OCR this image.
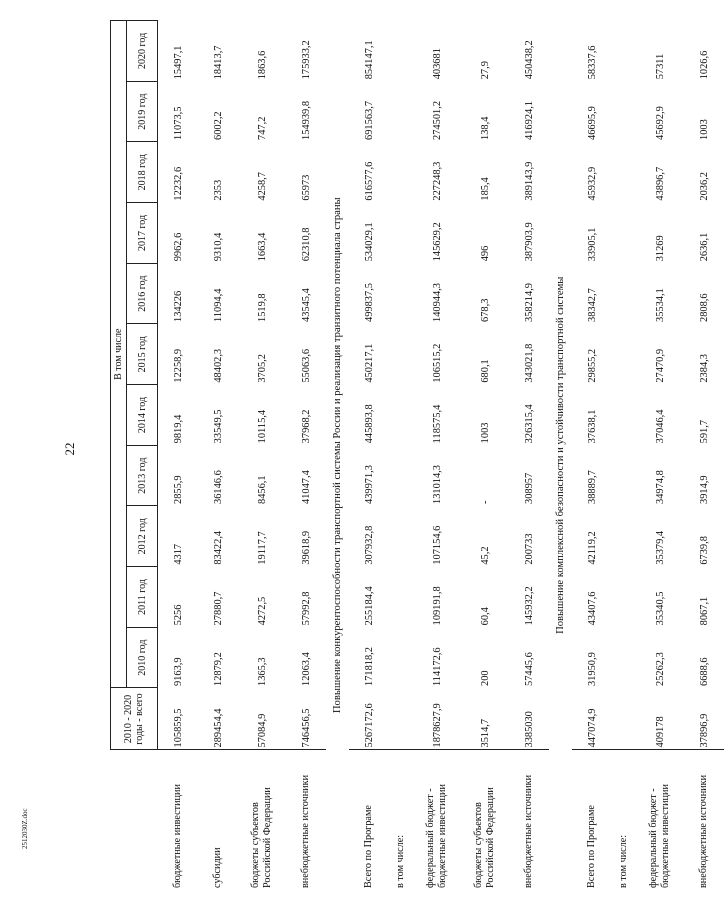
22
2512030Z.doc
	2010 - 2020 годы - всего	В том числе										
		2010 год	2011 год	2012 год	2013 год	2014 год	2015 год	2016 год	2017 год	2018 год	2019 год	2020 год
бюджетные инвестиции	105859,5	9163,9	5256	4317	2855,9	9819,4	12258,9	134226	9962,6	12232,6	11073,5	15497,1
субсидии	289454,4	12879,2	27880,7	83422,4	36146,6	33549,5	48402,3	11094,4	9310,4	2353	6002,2	18413,7
бюджеты субъектов Российской Федерации	57084,9	1365,3	4272,5	19117,7	8456,1	10115,4	3705,2	1519,8	1663,4	4258,7	747,2	1863,6
внебюджетные источники	746456,5	12063,4	57992,8	39618,9	41047,4	37968,2	55063,6	43545,4	62310,8	65973	154939,8	175933,2
Повышение конкурентоспособности транспортной системы России и реализация транзитного потенциала страны												
Всего по Програме	5267172,6	171818,2	255184,4	307932,8	439971,3	445893,8	450217,1	499837,5	534029,1	616577,6	691563,7	854147,1
в том числе:												
федеральный бюджет - бюджетные инвестиции	1878627,9	114172,6	109191,8	107154,6	131014,3	118575,4	106515,2	140944,3	145629,2	227248,3	274501,2	403681
бюджеты субъектов Российской Федерации	3514,7	200	60,4	45,2	-	1003	680,1	678,3	496	185,4	138,4	27,9
внебюджетные источники	3385030	57445,6	145932,2	200733	308957	326315,4	343021,8	358214,9	387903,9	389143,9	416924,1	450438,2
Повышение комплексной безопасности и устойчивости транспортной системы												
Всего по Програме	447074,9	31950,9	43407,6	42119,2	38889,7	37638,1	29855,2	38342,7	33905,1	45932,9	46695,9	58337,6
в том числе:												
федеральный бюджет - бюджетные инвестиции	409178	25262,3	35340,5	35379,4	34974,8	37046,4	27470,9	35534,1	31269	43896,7	45692,9	57311
внебюджетные источники	37896,9	6688,6	8067,1	6739,8	3914,9	591,7	2384,3	2808,6	2636,1	2036,2	1003	1026,6
